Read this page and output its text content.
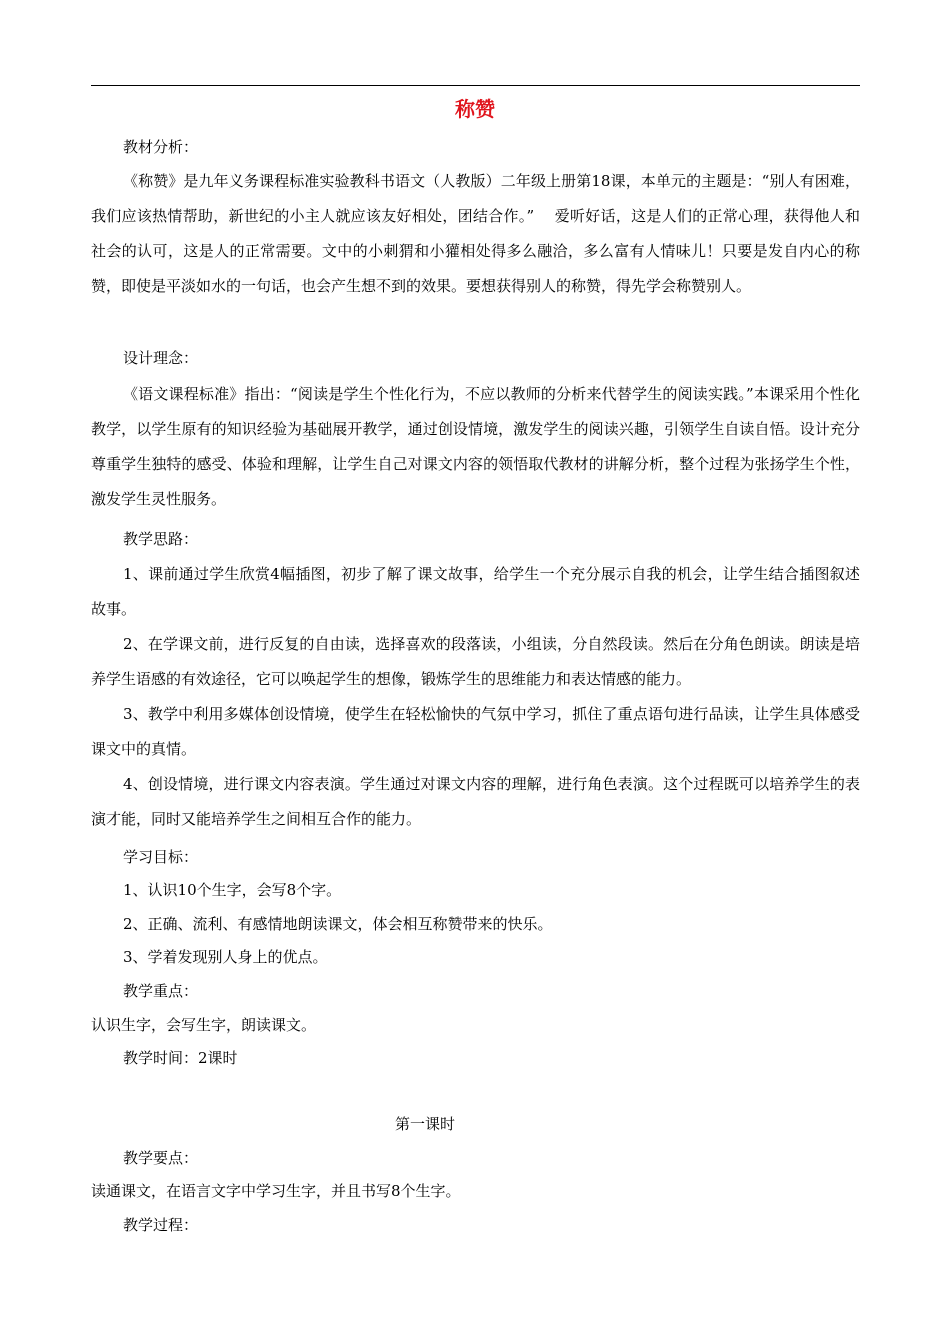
称赞
教材分析：
《称赞》是九年义务课程标准实验教科书语文（人教版）二年级上册第18课，本单元的主题是：“别人有困难，我们应该热情帮助，新世纪的小主人就应该友好相处，团结合作。”　 爱听好话，这是人们的正常心理，获得他人和社会的认可，这是人的正常需要。文中的小刺猬和小獾相处得多么融洽，多么富有人情味儿！只要是发自内心的称赞，即使是平淡如水的一句话，也会产生想不到的效果。要想获得别人的称赞，得先学会称赞别人。
设计理念：
《语文课程标准》指出：“阅读是学生个性化行为，不应以教师的分析来代替学生的阅读实践。”本课采用个性化教学，以学生原有的知识经验为基础展开教学，通过创设情境，激发学生的阅读兴趣，引领学生自读自悟。设计充分尊重学生独特的感受、体验和理解，让学生自己对课文内容的领悟取代教材的讲解分析，整个过程为张扬学生个性，激发学生灵性服务。
教学思路：
1、课前通过学生欣赏4幅插图，初步了解了课文故事，给学生一个充分展示自我的机会，让学生结合插图叙述故事。
2、在学课文前，进行反复的自由读，选择喜欢的段落读，小组读，分自然段读。然后在分角色朗读。朗读是培养学生语感的有效途径，它可以唤起学生的想像，锻炼学生的思维能力和表达情感的能力。
3、教学中利用多媒体创设情境，使学生在轻松愉快的气氛中学习，抓住了重点语句进行品读，让学生具体感受课文中的真情。
4、创设情境，进行课文内容表演。学生通过对课文内容的理解，进行角色表演。这个过程既可以培养学生的表演才能，同时又能培养学生之间相互合作的能力。
学习目标：
1、认识10个生字，会写8个字。
2、正确、流利、有感情地朗读课文，体会相互称赞带来的快乐。
3、学着发现别人身上的优点。
教学重点：
认识生字，会写生字，朗读课文。
教学时间：2课时
第一课时
教学要点：
读通课文，在语言文字中学习生字，并且书写8个生字。
教学过程：
